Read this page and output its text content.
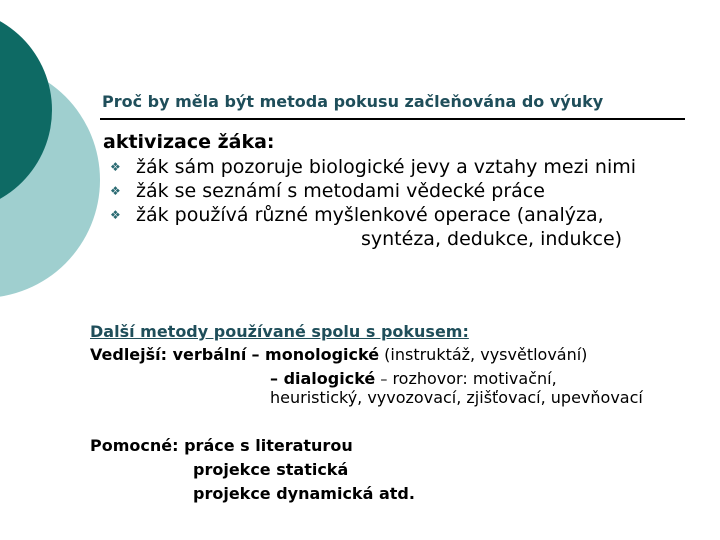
Proč by měla být metoda pokusu začleňována do výuky
aktivizace žáka:
❖ žák sám pozoruje biologické jevy a vztahy mezi nimi
❖ žák se seznámí s metodami vědecké práce
❖ žák používá různé myšlenkové operace (analýza,
syntéza, dedukce, indukce)
Další metody používané spolu s pokusem:
Vedlejší: verbální – monologické (instruktáž, vysvětlování)
– dialogické – rozhovor: motivační,
heuristický, vyvozovací, zjišťovací, upevňovací
Pomocné: práce s literaturou
projekce statická
projekce dynamická atd.
